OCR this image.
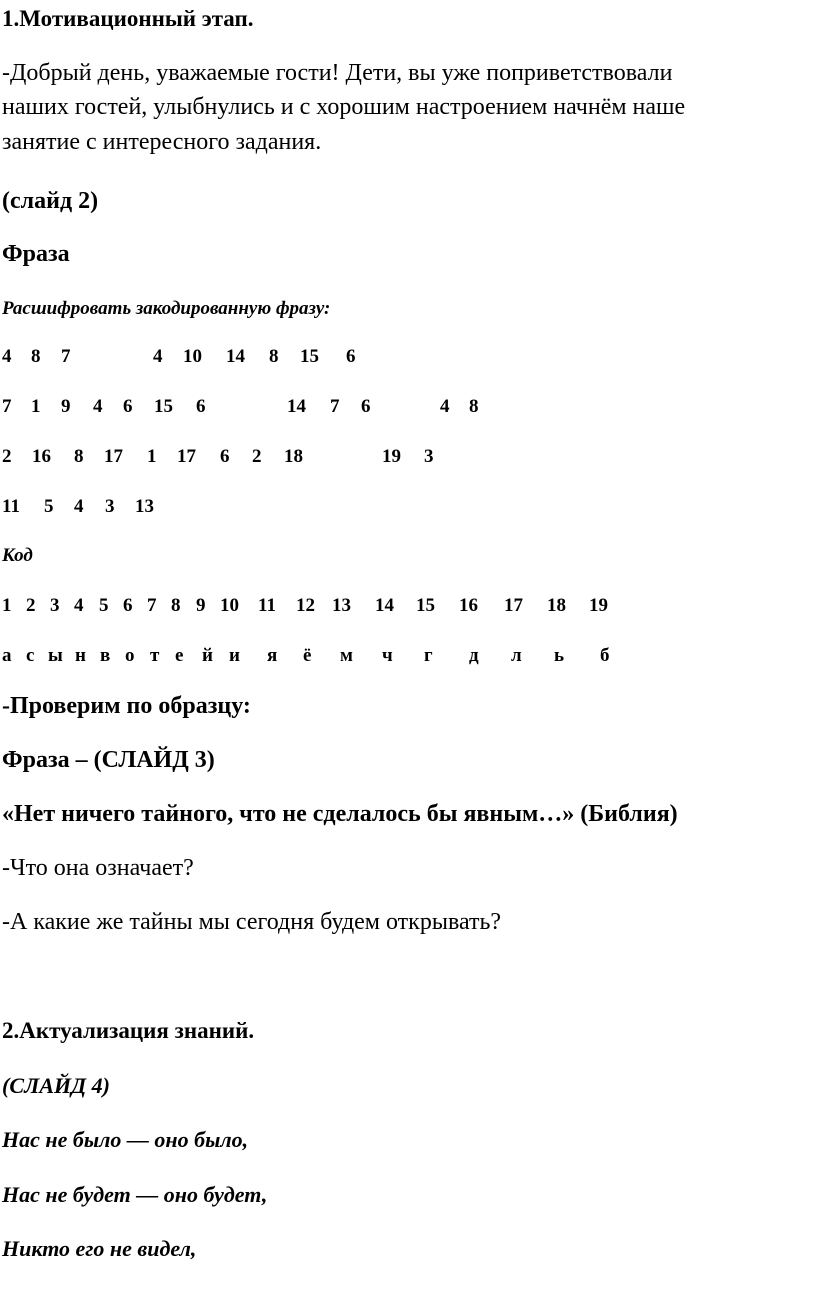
1.Мотивационный этап.

-Добрый день, уважаемые гости! Дети, вы уже поприветствовали

наших гостей, улыбнулись и с хорошим настроением начнём наше

занятие с интересного задания.

(слайд 2)

Фраза

Расшифровать закодированную фразу:

4 8 7	4 10 14 8 15 6
7 1 9 4 6 15 6	14 7 6	4 8
2 16 8 17 1 17 6 2 18	19 3
11 5 4 3 13

Код

1 2 3 4 5 6 7 8 9 10 11 12 13 14 15 16 17 18 19
а с ы н в о т е й и я ё м ч г д л ь б

-Проверим по образцу:

Фраза – (СЛАЙД 3)

«Нет ничего тайного, что не сделалось бы явным…» (Библия)

-Что она означает?

-А какие же тайны мы сегодня будем открывать?

2.Актуализация знаний.

(СЛАЙД 4)

Нас не было — оно было,

Нас не будет — оно будет,

Никто его не видел,
